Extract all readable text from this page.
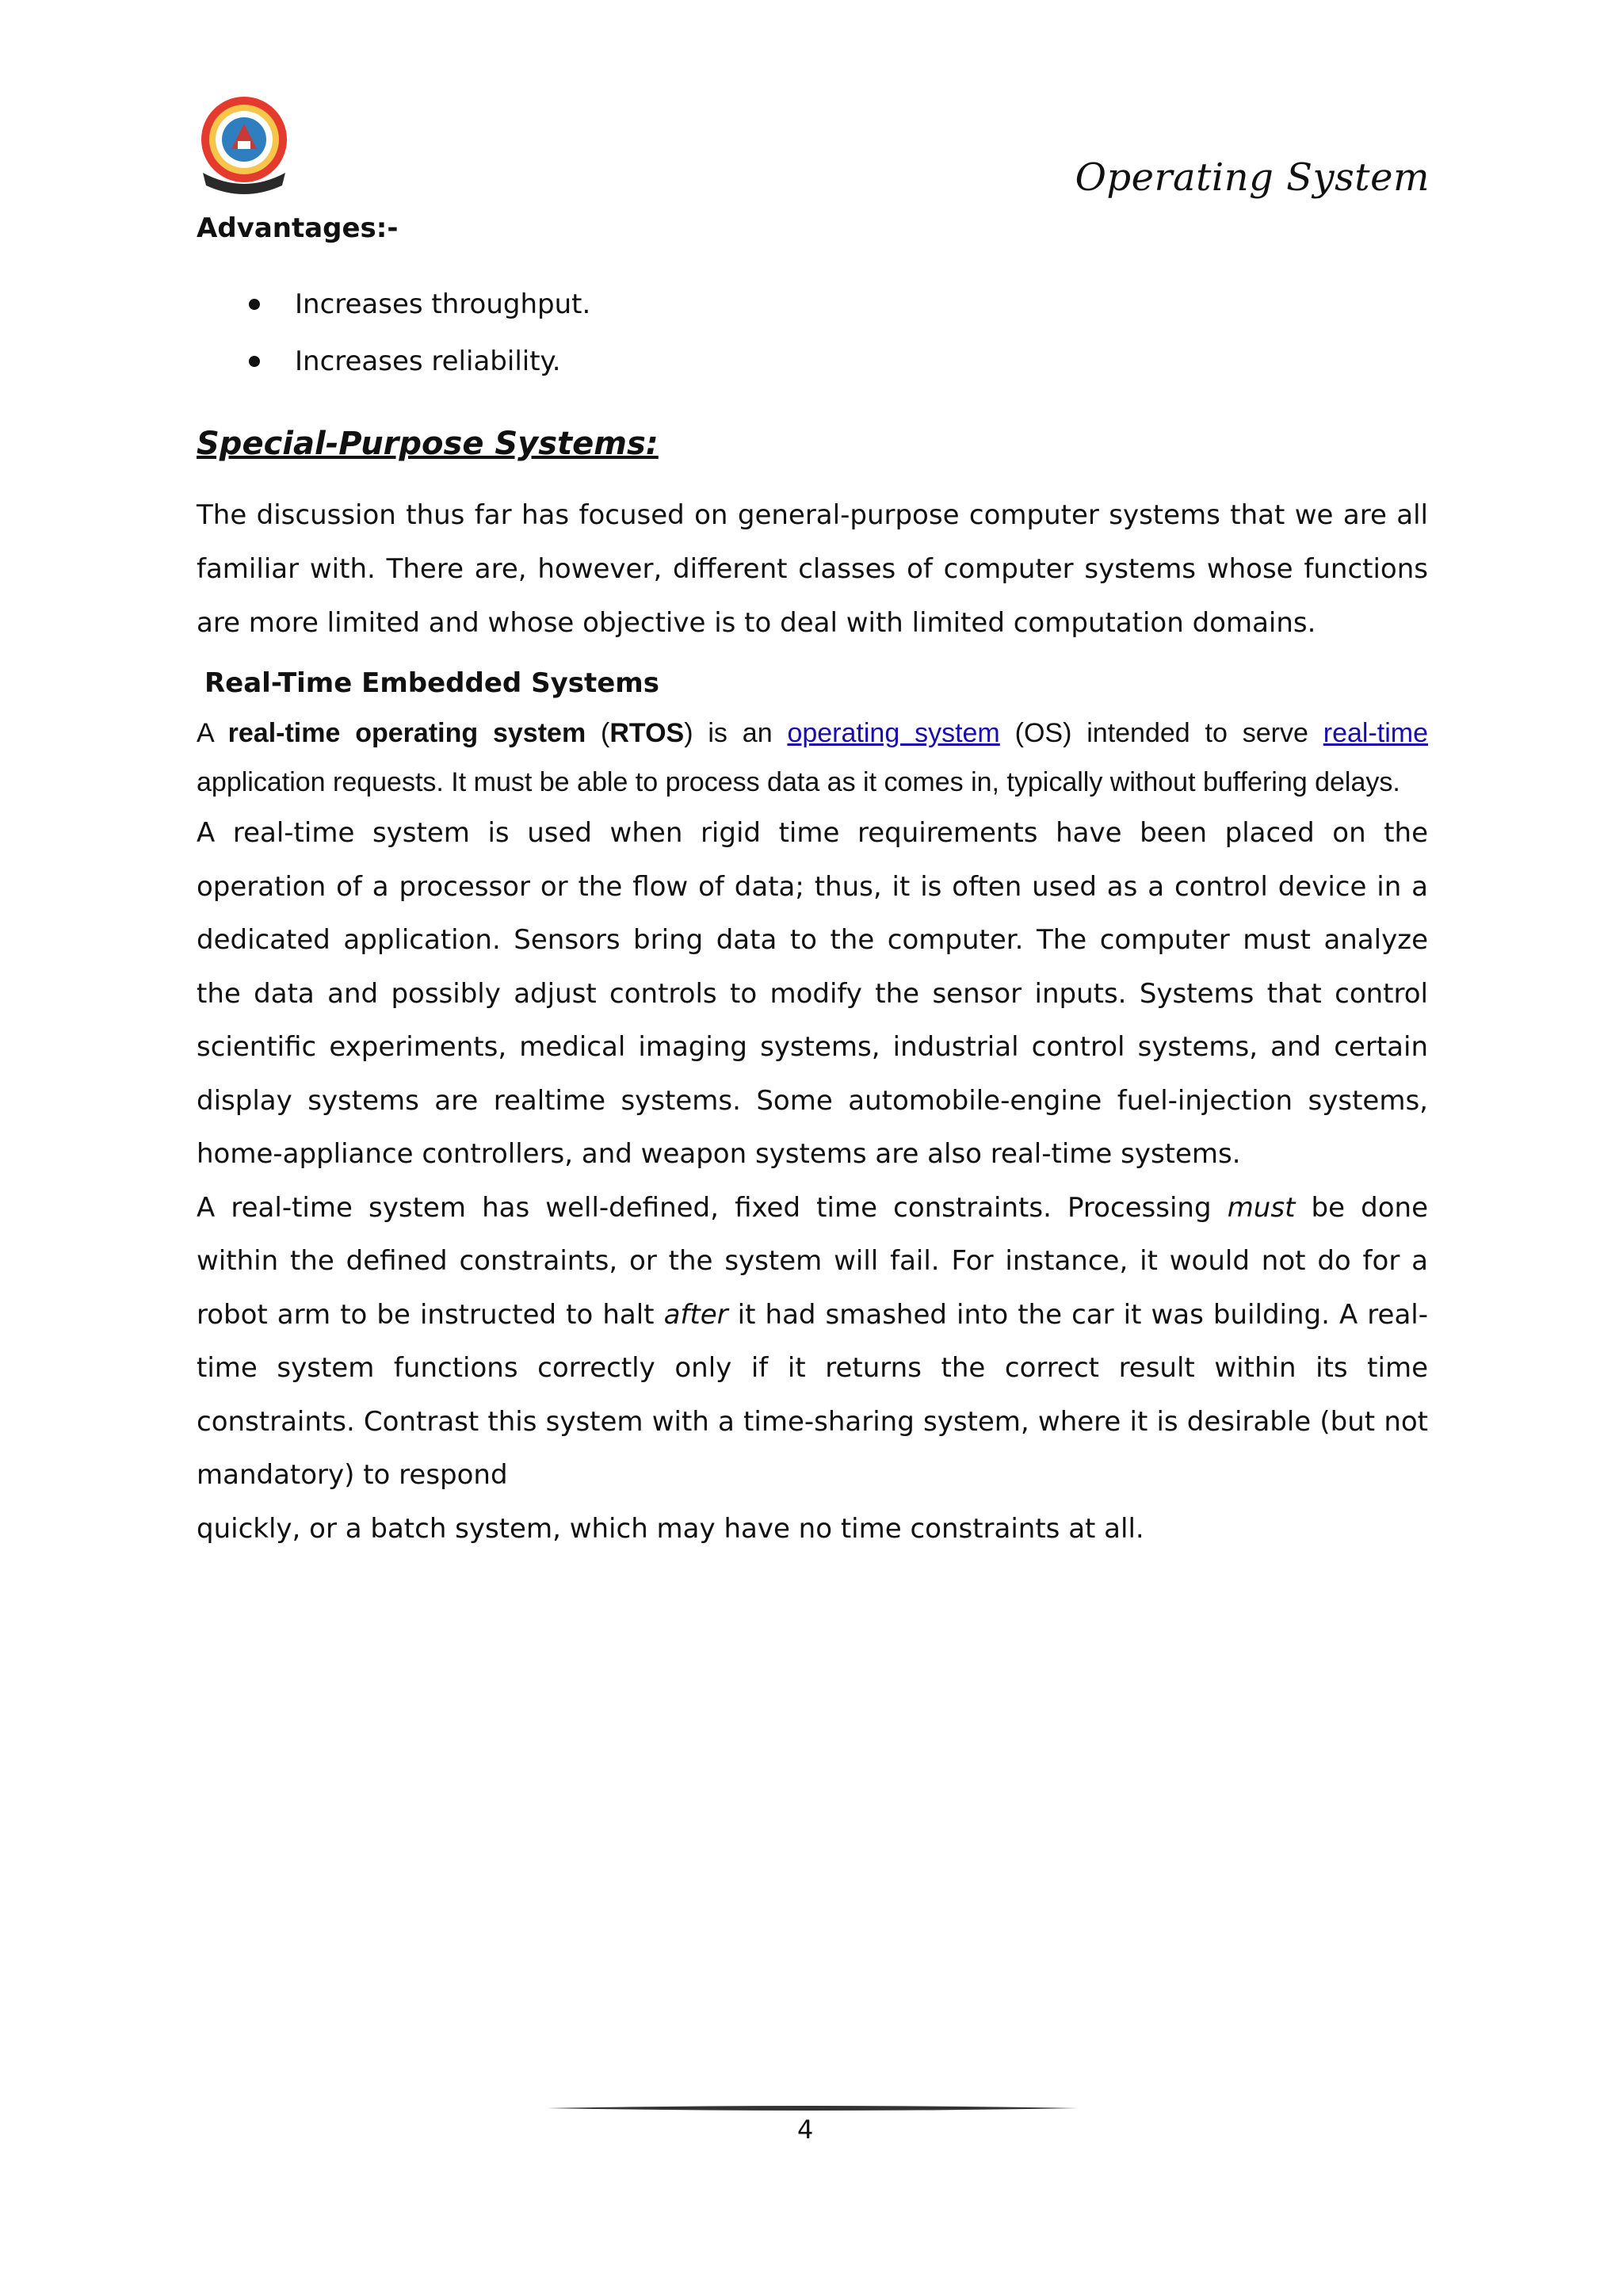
Operating System
Advantages:-
Increases throughput.
Increases reliability.
Special-Purpose Systems:

The discussion thus far has focused on general-purpose computer systems that we are all familiar with. There are, however, different classes of computer systems whose functions are more limited and whose objective is to deal with limited computation domains.

Real-Time Embedded Systems

A real-time operating system (RTOS) is an operating system (OS) intended to serve real-time application requests. It must be able to process data as it comes in, typically without buffering delays.

A real-time system is used when rigid time requirements have been placed on the operation of a processor or the flow of data; thus, it is often used as a control device in a dedicated application. Sensors bring data to the computer. The computer must analyze the data and possibly adjust controls to modify the sensor inputs. Systems that control scientific experiments, medical imaging systems, industrial control systems, and certain display systems are realtime systems. Some automobile-engine fuel-injection systems, home-appliance controllers, and weapon systems are also real-time systems.

A real-time system has well-defined, fixed time constraints. Processing must be done within the defined constraints, or the system will fail. For instance, it would not do for a robot arm to be instructed to halt after it had smashed into the car it was building. A real-time system functions correctly only if it returns the correct result within its time constraints. Contrast this system with a time-sharing system, where it is desirable (but not mandatory) to respond

quickly, or a batch system, which may have no time constraints at all.

4
